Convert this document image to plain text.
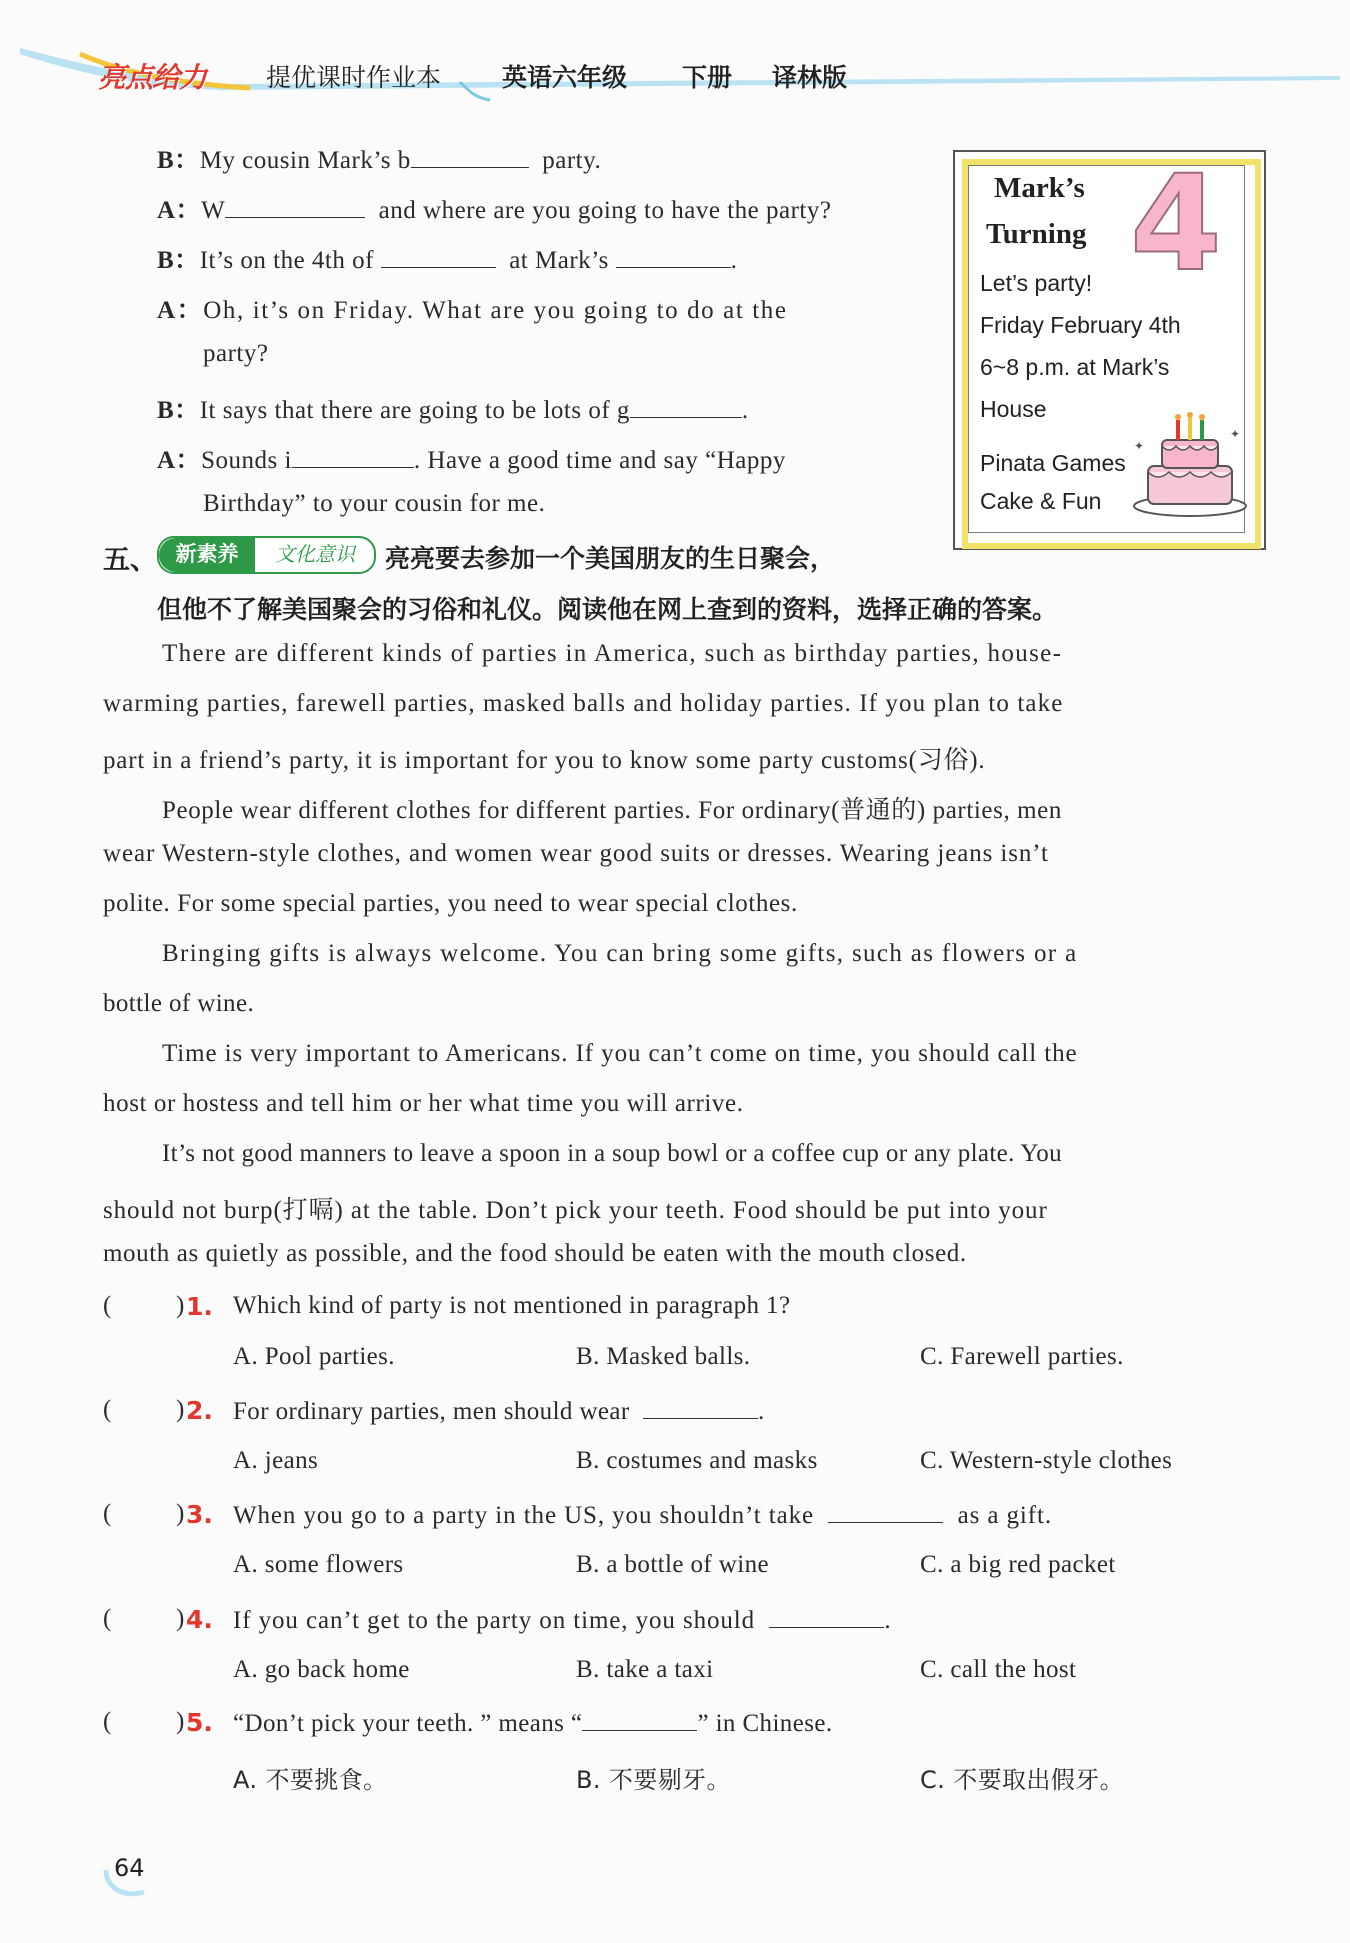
亮点给力 提优课时作业本 英语六年级 下册 译林版
B：My cousin Mark’s b	party.
A：W	and where are you going to have the party?
B：It’s on the 4th of	at Mark’s	.
A：Oh, it’s on Friday. What are you going to do at the
party?
B：It says that there are going to be lots of g	.
A：Sounds i	. Have a good time and say “Happy
Birthday” to your cousin for me.
Mark’s
Turning 4
Let’s party!
Friday February 4th
6~8 p.m. at Mark’s
House
Pinata Games
Cake & Fun
✦
✦
五、 新素养	文化意识	亮亮要去参加一个美国朋友的生日聚会，
但他不了解美国聚会的习俗和礼仪。阅读他在网上查到的资料，选择正确的答案。
There are different kinds of parties in America, such as birthday parties, house-
warming parties, farewell parties, masked balls and holiday parties. If you plan to take
part in a friend’s party, it is important for you to know some party customs(习俗).
People wear different clothes for different parties. For ordinary(普通的) parties, men
wear Western-style clothes, and women wear good suits or dresses. Wearing jeans isn’t
polite. For some special parties, you need to wear special clothes.
Bringing gifts is always welcome. You can bring some gifts, such as flowers or a
bottle of wine.
Time is very important to Americans. If you can’t come on time, you should call the
host or hostess and tell him or her what time you will arrive.
It’s not good manners to leave a spoon in a soup bowl or a coffee cup or any plate. You
should not burp(打嗝) at the table. Don’t pick your teeth. Food should be put into your
mouth as quietly as possible, and the food should be eaten with the mouth closed.
(	) 1. Which kind of party is not mentioned in paragraph 1?
A. Pool parties.	B. Masked balls.	C. Farewell parties.
(	) 2. For ordinary parties, men should wear	.
A. jeans	B. costumes and masks	C. Western-style clothes
(	) 3. When you go to a party in the US, you shouldn’t take	as a gift.
A. some flowers	B. a bottle of wine	C. a big red packet
(	) 4. If you can’t get to the party on time, you should	.
A. go back home	B. take a taxi	C. call the host
(	) 5. “Don’t pick your teeth. ” means “	” in Chinese.
A. 不要挑食。	B. 不要剔牙。	C. 不要取出假牙。
64
